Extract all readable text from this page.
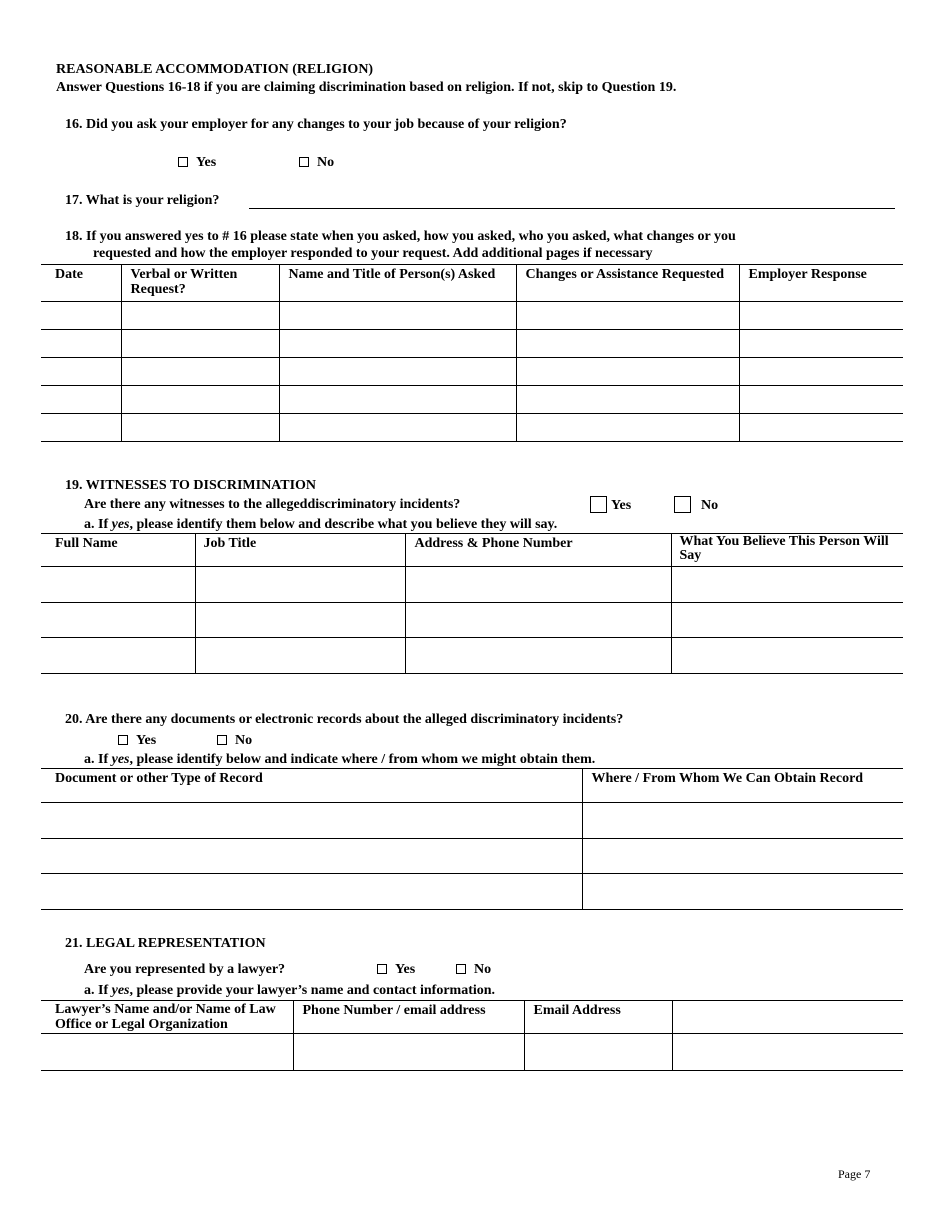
REASONABLE ACCOMMODATION (RELIGION)
Answer Questions 16-18 if you are claiming discrimination based on religion. If not, skip to Question 19.
16. Did you ask your employer for any changes to your job because of your religion?
Yes	No
17. What is your religion?
18. If you answered yes to # 16 please state when you asked, how you asked, who you asked, what changes or you
requested and how the employer responded to your request. Add additional pages if necessary
Date	Verbal or Written Request?	Name and Title of Person(s) Asked	Changes or Assistance Requested	Employer Response

19. WITNESSES TO DISCRIMINATION
Are there any witnesses to the allegeddiscriminatory incidents?	Yes	No
a. If yes, please identify them below and describe what you believe they will say.
Full Name	Job Title	Address & Phone Number	What You Believe This Person Will Say

20. Are there any documents or electronic records about the alleged discriminatory incidents?
Yes	No
a. If yes, please identify below and indicate where / from whom we might obtain them.
Document or other Type of Record	Where / From Whom We Can Obtain Record

21. LEGAL REPRESENTATION
Are you represented by a lawyer?	Yes	No
a. If yes, please provide your lawyer’s name and contact information.
Lawyer’s Name and/or Name of Law Office or Legal Organization	Phone Number / email address	Email Address	

Page 7
